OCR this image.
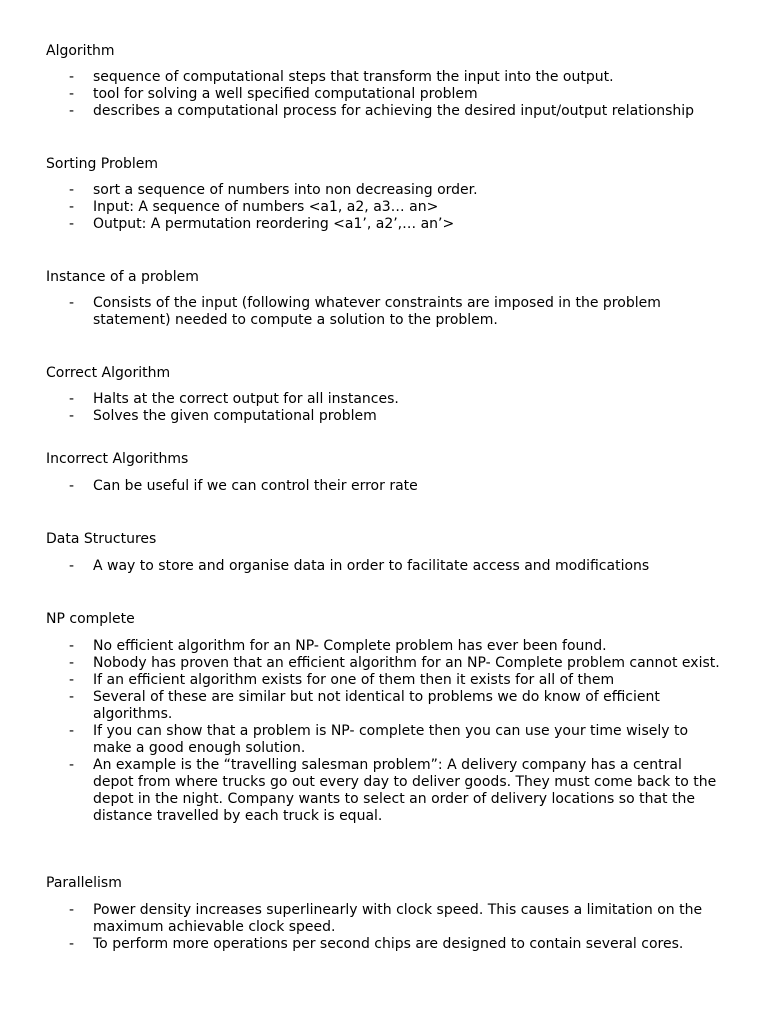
Algorithm
- sequence of computational steps that transform the input into the output.
- tool for solving a well specified computational problem
- describes a computational process for achieving the desired input/output relationship
Sorting Problem
- sort a sequence of numbers into non decreasing order.
- Input: A sequence of numbers <a1, a2, a3… an>
- Output: A permutation reordering <a1’, a2’,… an’>
Instance of a problem
- Consists of the input (following whatever constraints are imposed in the problem statement) needed to compute a solution to the problem.
Correct Algorithm
- Halts at the correct output for all instances.
- Solves the given computational problem
Incorrect Algorithms
- Can be useful if we can control their error rate
Data Structures
- A way to store and organise data in order to facilitate access and modifications
NP complete
- No efficient algorithm for an NP- Complete problem has ever been found.
- Nobody has proven that an efficient algorithm for an NP- Complete problem cannot exist.
- If an efficient algorithm exists for one of them then it exists for all of them
- Several of these are similar but not identical to problems we do know of efficient algorithms.
- If you can show that a problem is NP- complete then you can use your time wisely to make a good enough solution.
- An example is the “travelling salesman problem”: A delivery company has a central depot from where trucks go out every day to deliver goods. They must come back to the depot in the night. Company wants to select an order of delivery locations so that the distance travelled by each truck is equal.
Parallelism
- Power density increases superlinearly with clock speed. This causes a limitation on the maximum achievable clock speed.
- To perform more operations per second chips are designed to contain several cores.
